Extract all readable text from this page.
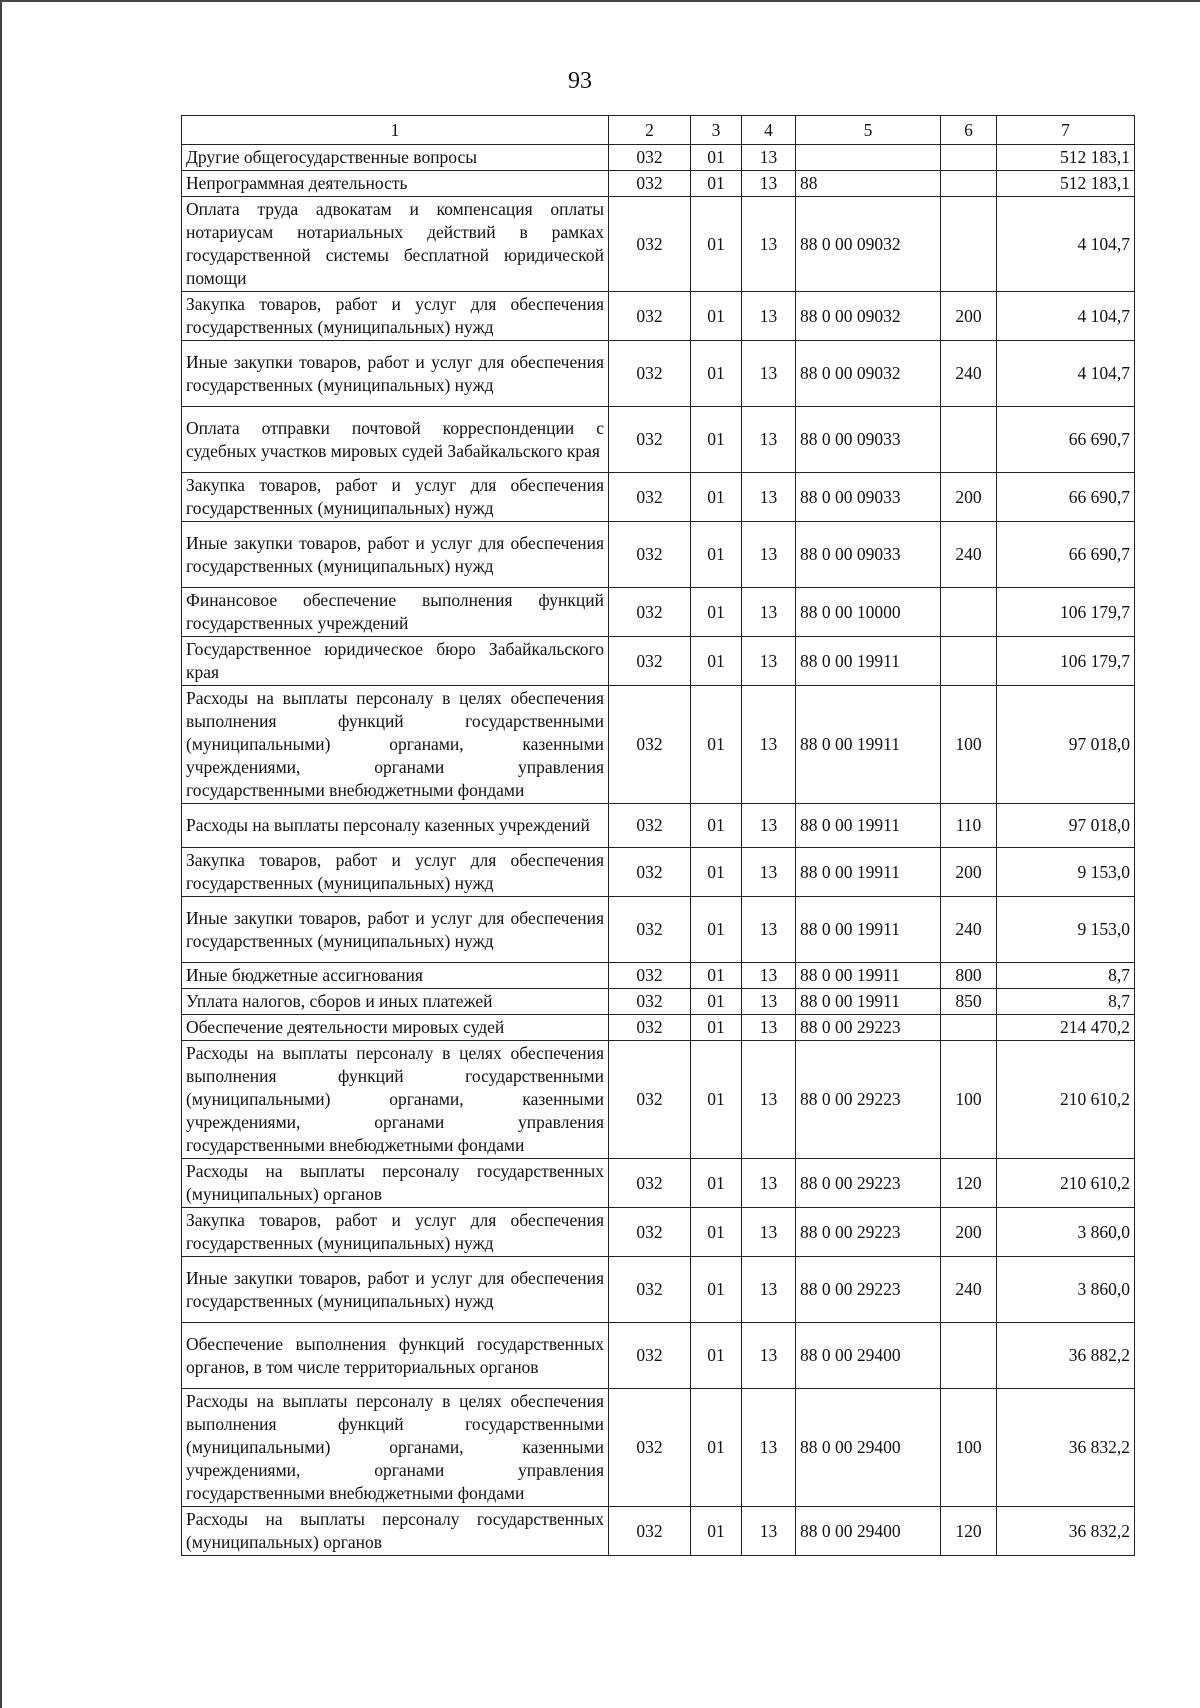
93
1	2	3	4	5	6	7
Другие общегосударственные вопросы	032	01	13			512 183,1
Непрограммная деятельность	032	01	13	88		512 183,1
Оплата труда адвокатам и компенсация оплаты нотариусам нотариальных действий в рамках государственной системы бесплатной юридической помощи	032	01	13	88 0 00 09032		4 104,7
Закупка товаров, работ и услуг для обеспечения государственных (муниципальных) нужд	032	01	13	88 0 00 09032	200	4 104,7
Иные закупки товаров, работ и услуг для обеспечения государственных (муниципальных) нужд	032	01	13	88 0 00 09032	240	4 104,7
Оплата отправки почтовой корреспонденции с судебных участков мировых судей Забайкальского края	032	01	13	88 0 00 09033		66 690,7
Закупка товаров, работ и услуг для обеспечения государственных (муниципальных) нужд	032	01	13	88 0 00 09033	200	66 690,7
Иные закупки товаров, работ и услуг для обеспечения государственных (муниципальных) нужд	032	01	13	88 0 00 09033	240	66 690,7
Финансовое обеспечение выполнения функций государственных учреждений	032	01	13	88 0 00 10000		106 179,7
Государственное юридическое бюро Забайкальского края	032	01	13	88 0 00 19911		106 179,7
Расходы на выплаты персоналу в целях обеспечения выполнения функций государственными (муниципальными) органами, казенными учреждениями, органами управления государственными внебюджетными фондами	032	01	13	88 0 00 19911	100	97 018,0
Расходы на выплаты персоналу казенных учреждений	032	01	13	88 0 00 19911	110	97 018,0
Закупка товаров, работ и услуг для обеспечения государственных (муниципальных) нужд	032	01	13	88 0 00 19911	200	9 153,0
Иные закупки товаров, работ и услуг для обеспечения государственных (муниципальных) нужд	032	01	13	88 0 00 19911	240	9 153,0
Иные бюджетные ассигнования	032	01	13	88 0 00 19911	800	8,7
Уплата налогов, сборов и иных платежей	032	01	13	88 0 00 19911	850	8,7
Обеспечение деятельности мировых судей	032	01	13	88 0 00 29223		214 470,2
Расходы на выплаты персоналу в целях обеспечения выполнения функций государственными (муниципальными) органами, казенными учреждениями, органами управления государственными внебюджетными фондами	032	01	13	88 0 00 29223	100	210 610,2
Расходы на выплаты персоналу государственных (муниципальных) органов	032	01	13	88 0 00 29223	120	210 610,2
Закупка товаров, работ и услуг для обеспечения государственных (муниципальных) нужд	032	01	13	88 0 00 29223	200	3 860,0
Иные закупки товаров, работ и услуг для обеспечения государственных (муниципальных) нужд	032	01	13	88 0 00 29223	240	3 860,0
Обеспечение выполнения функций государственных органов, в том числе территориальных органов	032	01	13	88 0 00 29400		36 882,2
Расходы на выплаты персоналу в целях обеспечения выполнения функций государственными (муниципальными) органами, казенными учреждениями, органами управления государственными внебюджетными фондами	032	01	13	88 0 00 29400	100	36 832,2
Расходы на выплаты персоналу государственных (муниципальных) органов	032	01	13	88 0 00 29400	120	36 832,2
